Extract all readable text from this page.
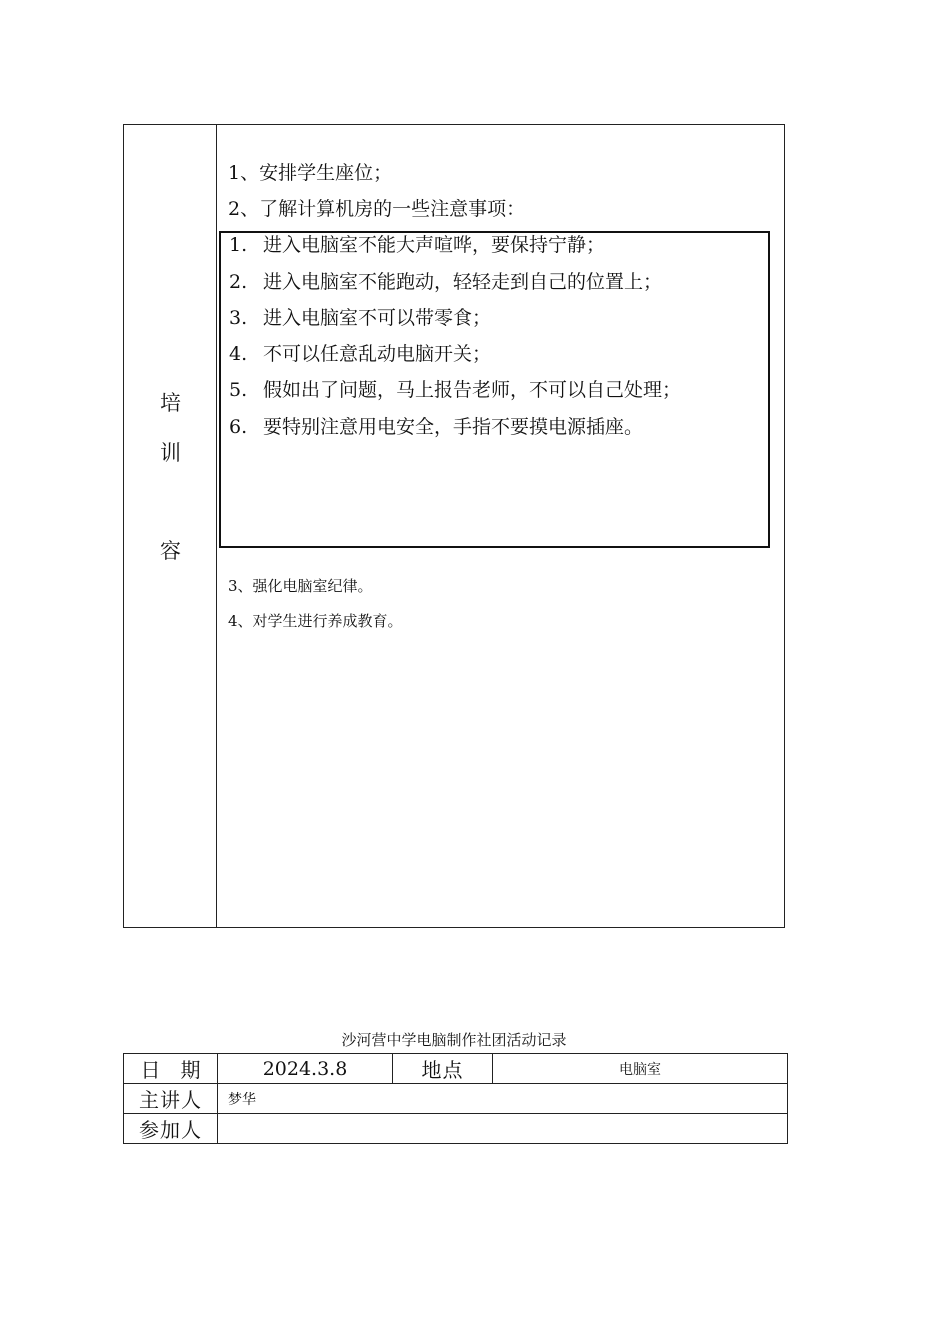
培
训
容
1、安排学生座位；
2、了解计算机房的一些注意事项：
1. 进入电脑室不能大声喧哗，要保持宁静；
2. 进入电脑室不能跑动，轻轻走到自己的位置上；
3. 进入电脑室不可以带零食；
4. 不可以任意乱动电脑开关；
5. 假如出了问题，马上报告老师，不可以自己处理；
6. 要特别注意用电安全，手指不要摸电源插座。
3、强化电脑室纪律。
4、对学生进行养成教育。
沙河营中学电脑制作社团活动记录
日　期	2024.3.8	地点	电脑室
主讲人	梦华		
参加人			
